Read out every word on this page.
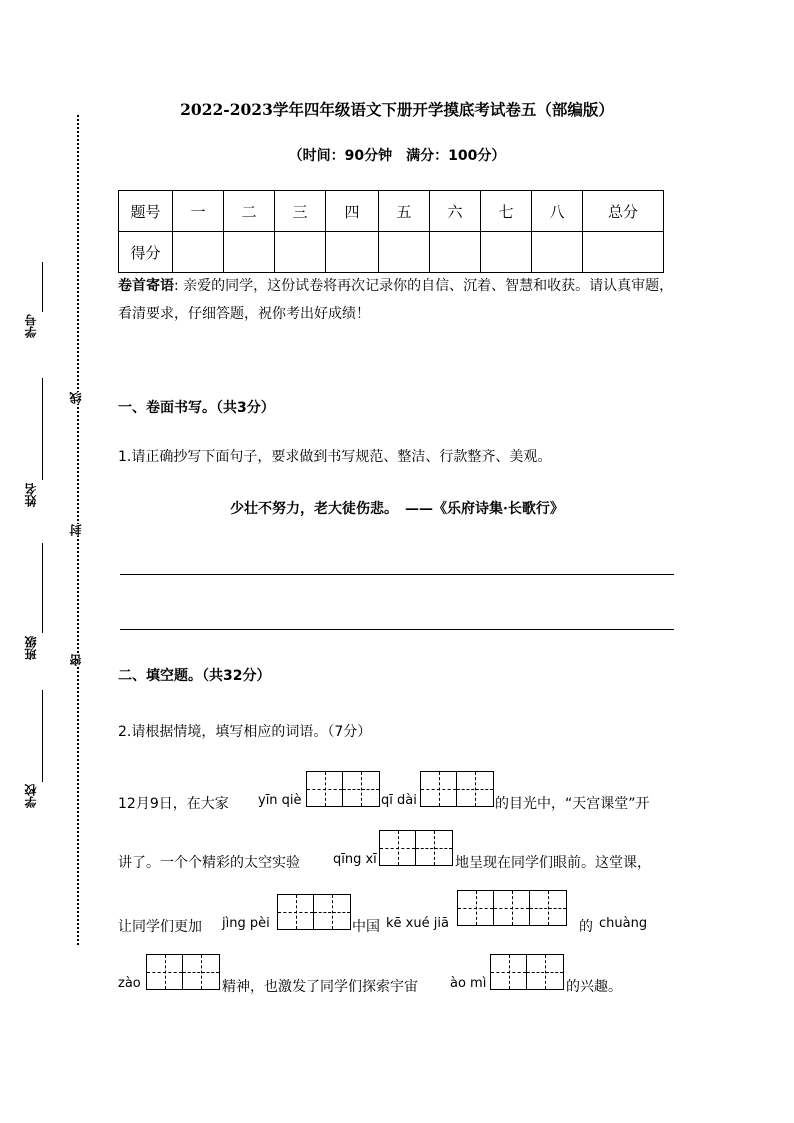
学号
姓名
班级
学校
线
封
密
2022-2023学年四年级语文下册开学摸底考试卷五（部编版）
（时间：90分钟　满分：100分）
题号	一	二	三	四	五	六	七	八	总分
得分									
卷首寄语: 亲爱的同学，这份试卷将再次记录你的自信、沉着、智慧和收获。请认真审题，看清要求，仔细答题，祝你考出好成绩！
一、卷面书写。（共3分）
1.请正确抄写下面句子，要求做到书写规范、整洁、行款整齐、美观。
少壮不努力，老大徒伤悲。　——《乐府诗集·长歌行》
二、填空题。（共32分）
2.请根据情境，填写相应的词语。（7分）
12月9日，在大家 yīn qiè	qī dài	的目光中，“天宫课堂”开
讲了。一个个精彩的太空实验	qīng xī	地呈现在同学们眼前。这堂课，
让同学们更加 jìng pèi	中国 kē xué jiā	的 chuàng
zào	精神，也激发了同学们探索宇宙 ào mì	的兴趣。
